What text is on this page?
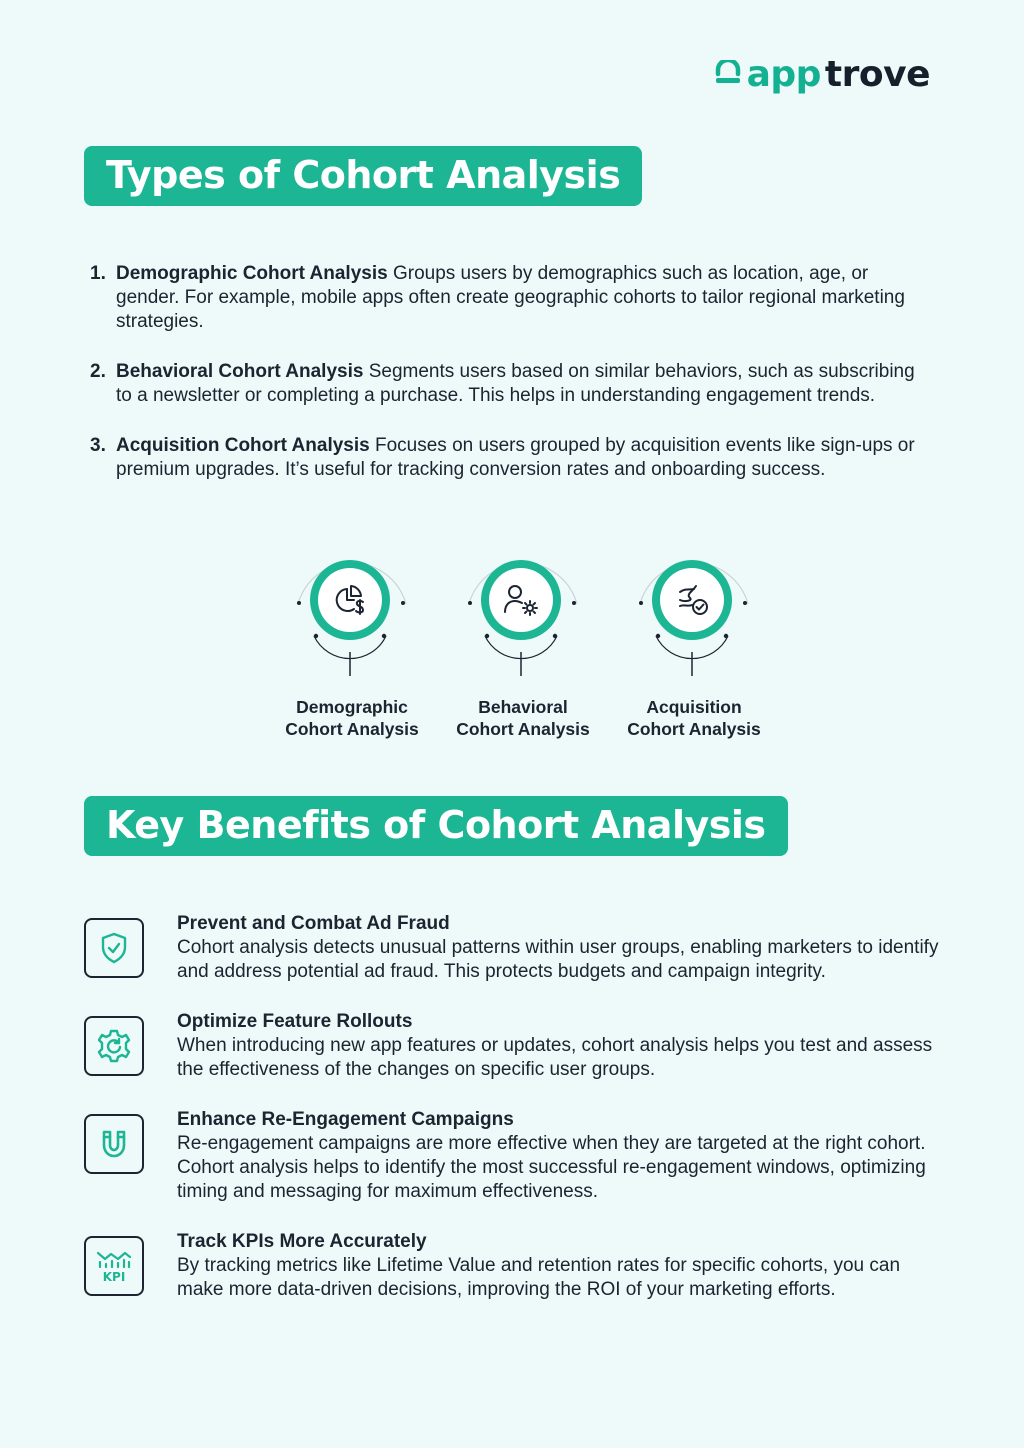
app trove
Types of Cohort Analysis
1. Demographic Cohort Analysis Groups users by demographics such as location, age, or gender. For example, mobile apps often create geographic cohorts to tailor regional marketing strategies.
2. Behavioral Cohort Analysis Segments users based on similar behaviors, such as subscribing to a newsletter or completing a purchase. This helps in understanding engagement trends.
3. Acquisition Cohort Analysis Focuses on users grouped by acquisition events like sign-ups or premium upgrades. It’s useful for tracking conversion rates and onboarding success.
Demographic
Cohort Analysis
Behavioral
Cohort Analysis
Acquisition
Cohort Analysis
Key Benefits of Cohort Analysis
Prevent and Combat Ad Fraud
Cohort analysis detects unusual patterns within user groups, enabling marketers to identify and address potential ad fraud. This protects budgets and campaign integrity.
Optimize Feature Rollouts
When introducing new app features or updates, cohort analysis helps you test and assess the effectiveness of the changes on specific user groups.
Enhance Re-Engagement Campaigns
Re-engagement campaigns are more effective when they are targeted at the right cohort. Cohort analysis helps to identify the most successful re-engagement windows, optimizing timing and messaging for maximum effectiveness.
KPI
Track KPIs More Accurately
By tracking metrics like Lifetime Value and retention rates for specific cohorts, you can make more data-driven decisions, improving the ROI of your marketing efforts.
